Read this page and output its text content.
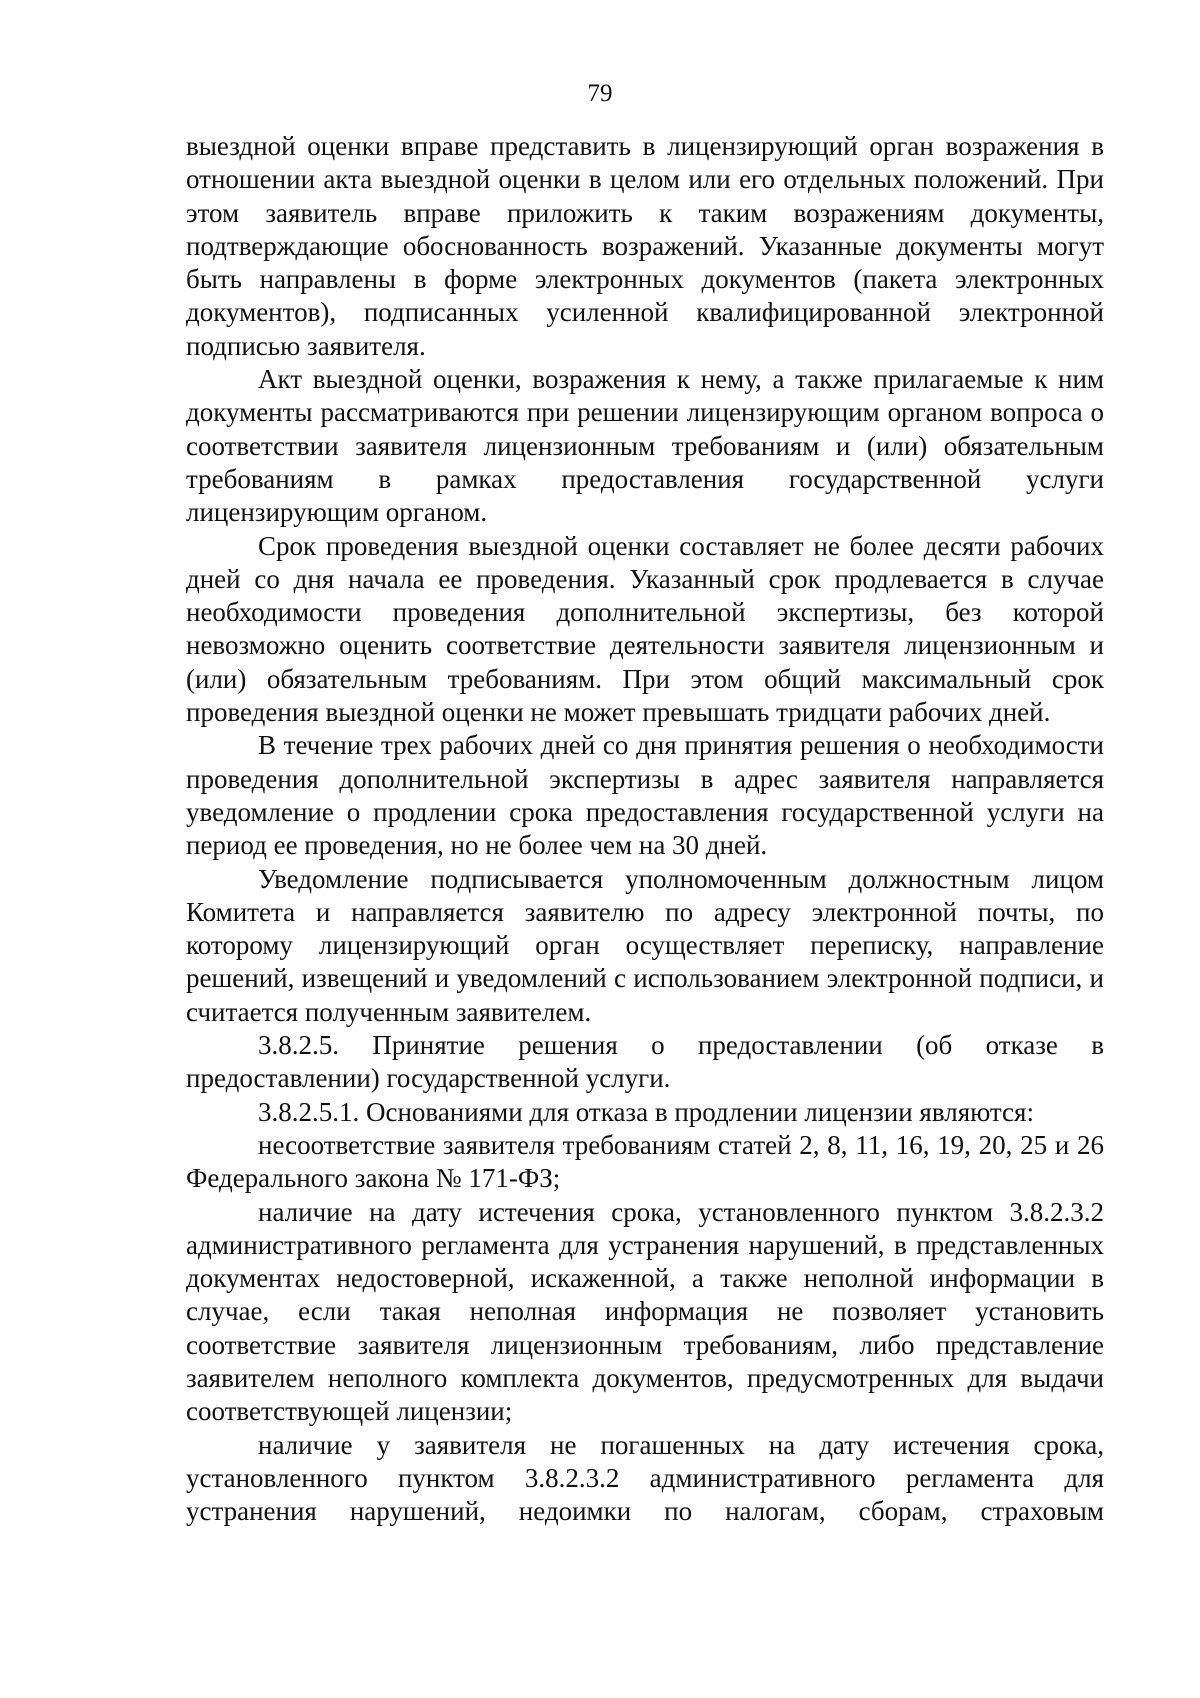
79

выездной оценки вправе представить в лицензирующий орган возражения в отношении акта выездной оценки в целом или его отдельных положений. При этом заявитель вправе приложить к таким возражениям документы, подтверждающие обоснованность возражений. Указанные документы могут быть направлены в форме электронных документов (пакета электронных документов), подписанных усиленной квалифицированной электронной подписью заявителя.

Акт выездной оценки, возражения к нему, а также прилагаемые к ним документы рассматриваются при решении лицензирующим органом вопроса о соответствии заявителя лицензионным требованиям и (или) обязательным требованиям в рамках предоставления государственной услуги лицензирующим органом.

Срок проведения выездной оценки составляет не более десяти рабочих дней со дня начала ее проведения. Указанный срок продлевается в случае необходимости проведения дополнительной экспертизы, без которой невозможно оценить соответствие деятельности заявителя лицензионным и (или) обязательным требованиям. При этом общий максимальный срок проведения выездной оценки не может превышать тридцати рабочих дней.

В течение трех рабочих дней со дня принятия решения о необходимости проведения дополнительной экспертизы в адрес заявителя направляется уведомление о продлении срока предоставления государственной услуги на период ее проведения, но не более чем на 30 дней.

Уведомление подписывается уполномоченным должностным лицом Комитета и направляется заявителю по адресу электронной почты, по которому лицензирующий орган осуществляет переписку, направление решений, извещений и уведомлений с использованием электронной подписи, и считается полученным заявителем.

3.8.2.5. Принятие решения о предоставлении (об отказе в предоставлении) государственной услуги.

3.8.2.5.1. Основаниями для отказа в продлении лицензии являются:

несоответствие заявителя требованиям статей 2, 8, 11, 16, 19, 20, 25 и 26 Федерального закона № 171-ФЗ;

наличие на дату истечения срока, установленного пунктом 3.8.2.3.2 административного регламента для устранения нарушений, в представленных документах недостоверной, искаженной, а также неполной информации в случае, если такая неполная информация не позволяет установить соответствие заявителя лицензионным требованиям, либо представление заявителем неполного комплекта документов, предусмотренных для выдачи соответствующей лицензии;

наличие у заявителя не погашенных на дату истечения срока, установленного пунктом 3.8.2.3.2 административного регламента для устранения нарушений, недоимки по налогам, сборам, страховым
